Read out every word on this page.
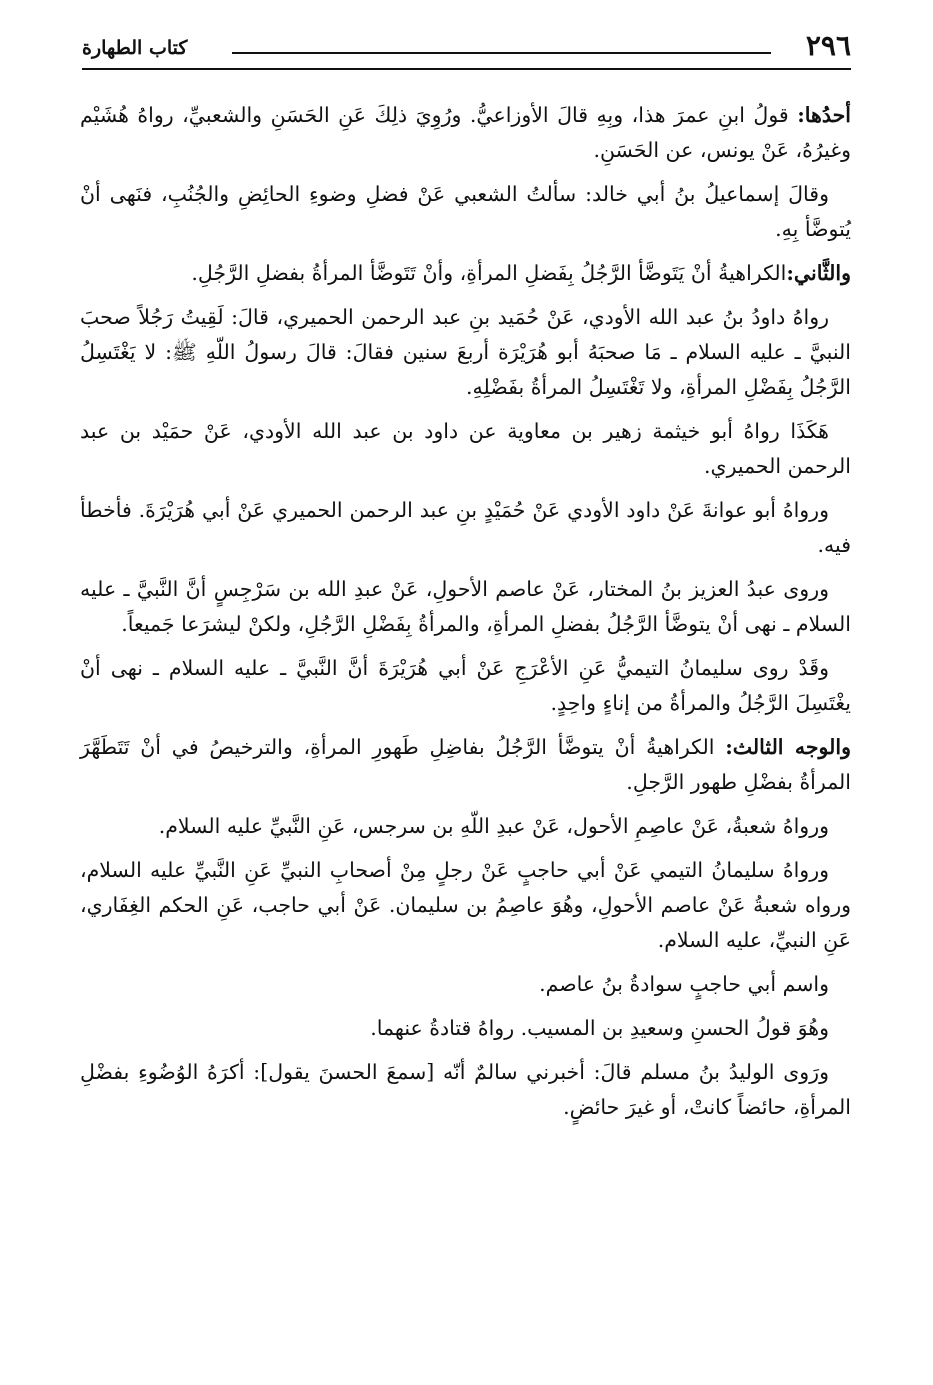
٢٩٦
كتاب الطهارة

أحدُها: قولُ ابنِ عمرَ هذا، وبِهِ قالَ الأوزاعيُّ. ورُوِيَ ذلِكَ عَنِ الحَسَنِ والشعبيِّ، رواهُ هُشَيْم وغيرُهُ، عَنْ يونس، عن الحَسَنِ.

وقالَ إسماعيلُ بنُ أبي خالد: سألتُ الشعبي عَنْ فضلِ وضوءِ الحائِضِ والجُنُبِ، فنَهى أنْ يُتوضَّأ بِهِ.

والثَّاني:الكراهيةُ أنْ يَتَوضَّأ الرَّجُلُ بِفَضلِ المرأةِ، وأنْ تَتَوضَّأ المرأةُ بفضلِ الرَّجُلِ.

رواهُ داودُ بنُ عبد الله الأودي، عَنْ حُمَيد بنِ عبد الرحمن الحميري، قالَ: لَقِيتُ رَجُلاً صحبَ النبيَّ ـ عليه السلام ـ مَا صحبَهُ أبو هُرَيْرَة أربعَ سنين فقالَ: قالَ رسولُ اللّهِ ﷺ: لا يَغْتَسِلُ الرَّجُلُ بِفَضْلِ المرأةِ، ولا تَغْتَسِلُ المرأةُ بفَضْلِهِ.

هَكَذَا رواهُ أبو خيثمة زهير بن معاوية عن داود بن عبد الله الأودي، عَنْ حمَيْد بن عبد الرحمن الحميري.

ورواهُ أبو عوانةَ عَنْ داود الأودي عَنْ حُمَيْدٍ بنِ عبد الرحمن الحميري عَنْ أبي هُرَيْرَةَ. فأخطأ فيه.

وروى عبدُ العزيز بنُ المختار، عَنْ عاصم الأحولِ، عَنْ عبدِ الله بن سَرْجِسٍ أنَّ النَّبيَّ ـ عليه السلام ـ نهى أنْ يتوضَّأ الرَّجُلُ بفضلِ المرأةِ، والمرأةُ بِفَضْلِ الرَّجُلِ، ولكنْ ليشرَعا جَميعاً.

وقَدْ روى سليمانُ التيميُّ عَنِ الأعْرَجِ عَنْ أبي هُرَيْرَةَ أنَّ النَّبيَّ ـ عليه السلام ـ نهى أنْ يغْتَسِلَ الرَّجُلُ والمرأةُ من إناءٍ واحِدٍ.

والوجه الثالث: الكراهيةُ أنْ يتوضَّأ الرَّجُلُ بفاضِلِ طَهورِ المرأةِ، والترخيصُ في أنْ تَتَطَهَّرَ المرأةُ بفضْلِ طهور الرَّجلِ.

ورواهُ شعبةُ، عَنْ عاصِمِ الأحول، عَنْ عبدِ اللّهِ بن سرجس، عَنِ النَّبيِّ عليه السلام.

ورواهُ سليمانُ التيمي عَنْ أبي حاجبٍ عَنْ رجلٍ مِنْ أصحابِ النبيِّ عَنِ النَّبيِّ عليه السلام، ورواه شعبةُ عَنْ عاصم الأحولِ، وهُوَ عاصِمُ بن سليمان. عَنْ أبي حاجب، عَنِ الحكم الغِفَاري، عَنِ النبيِّ، عليه السلام.

واسم أبي حاجبٍ سوادةُ بنُ عاصم.

وهُوَ قولُ الحسنِ وسعيدِ بن المسيب. رواهُ قتادةُ عنهما.

ورَوى الوليدُ بنُ مسلم قالَ: أخبرني سالمٌ أنّه [سمعَ الحسنَ يقول]: أكرَهُ الوُضُوءِ بفضْلِ المرأةِ، حائضاً كانتْ، أو غيرَ حائضٍ.
